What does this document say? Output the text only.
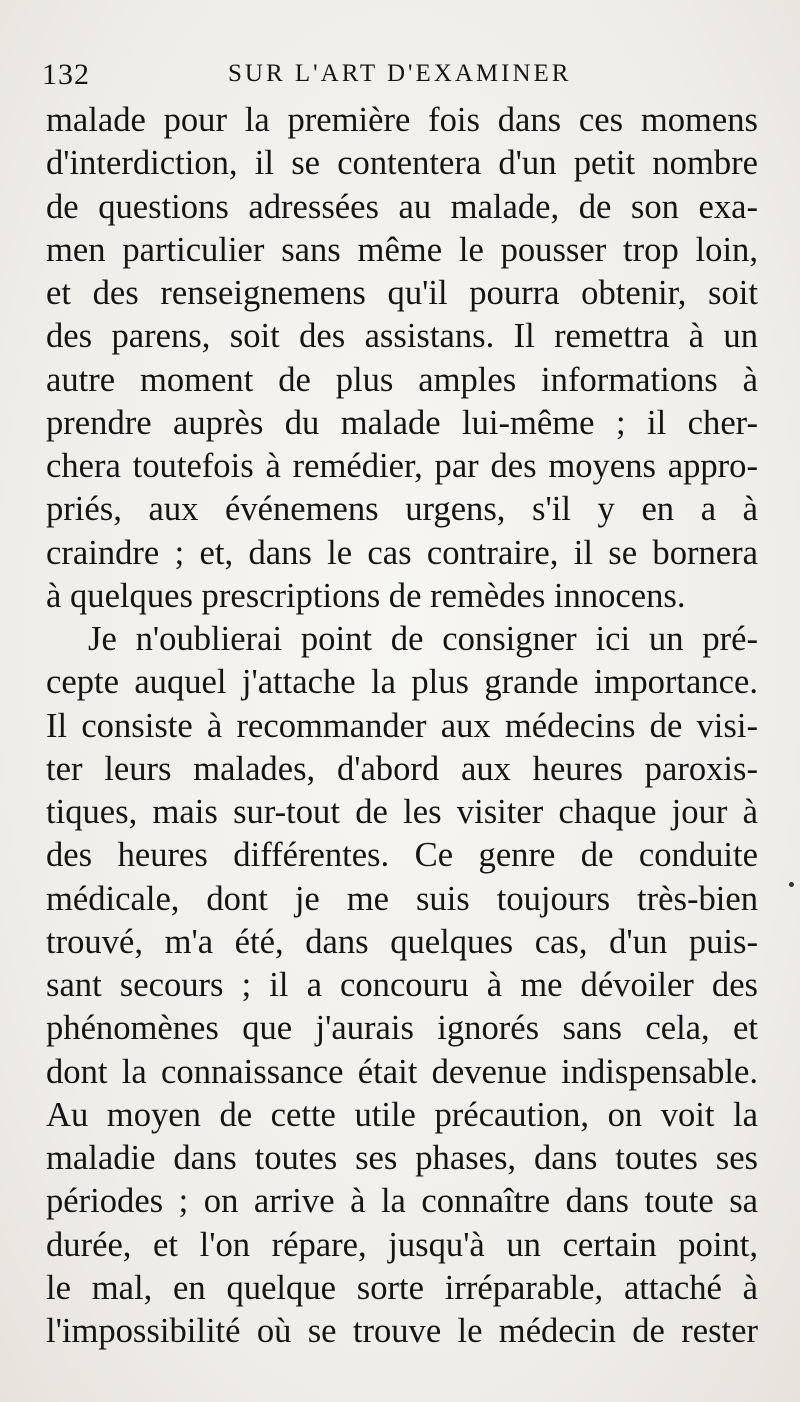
132	SUR L'ART D'EXAMINER
malade pour la première fois dans ces momens
d'interdiction, il se contentera d'un petit nombre
de questions adressées au malade, de son exa-
men particulier sans même le pousser trop loin,
et des renseignemens qu'il pourra obtenir, soit
des parens, soit des assistans. Il remettra à un
autre moment de plus amples informations à
prendre auprès du malade lui-même ; il cher-
chera toutefois à remédier, par des moyens appro-
priés, aux événemens urgens, s'il y en a à
craindre ; et, dans le cas contraire, il se bornera
à quelques prescriptions de remèdes innocens.
Je n'oublierai point de consigner ici un pré-
cepte auquel j'attache la plus grande importance.
Il consiste à recommander aux médecins de visi-
ter leurs malades, d'abord aux heures paroxis-
tiques, mais sur-tout de les visiter chaque jour à
des heures différentes. Ce genre de conduite
médicale, dont je me suis toujours très-bien
trouvé, m'a été, dans quelques cas, d'un puis-
sant secours ; il a concouru à me dévoiler des
phénomènes que j'aurais ignorés sans cela, et
dont la connaissance était devenue indispensable.
Au moyen de cette utile précaution, on voit la
maladie dans toutes ses phases, dans toutes ses
périodes ; on arrive à la connaître dans toute sa
durée, et l'on répare, jusqu'à un certain point,
le mal, en quelque sorte irréparable, attaché à
l'impossibilité où se trouve le médecin de rester
